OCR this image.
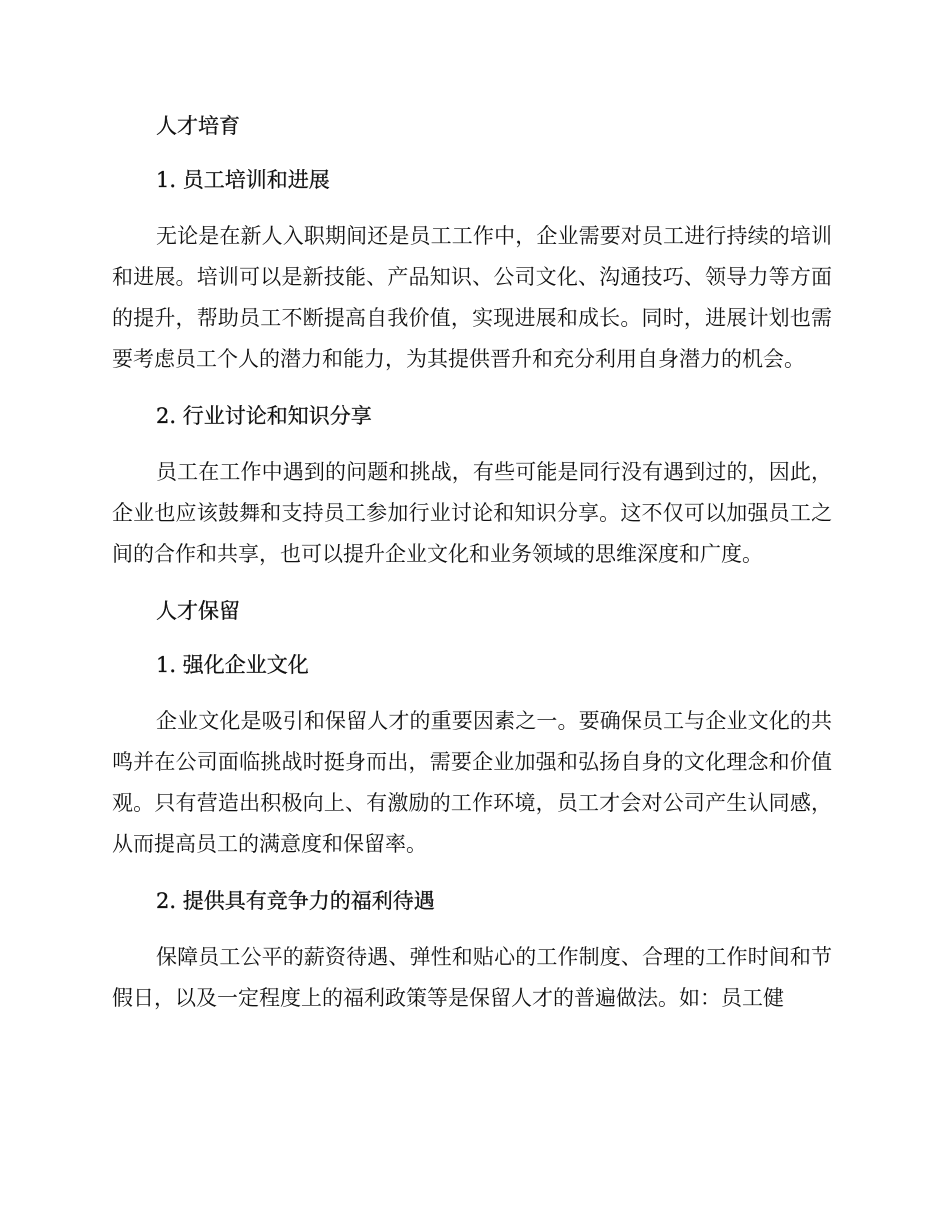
人才培育
1. 员工培训和进展
无论是在新人入职期间还是员工工作中，企业需要对员工进行持续的培训和进展。培训可以是新技能、产品知识、公司文化、沟通技巧、领导力等方面的提升，帮助员工不断提高自我价值，实现进展和成长。同时，进展计划也需要考虑员工个人的潜力和能力，为其提供晋升和充分利用自身潜力的机会。
2. 行业讨论和知识分享
员工在工作中遇到的问题和挑战，有些可能是同行没有遇到过的，因此，企业也应该鼓舞和支持员工参加行业讨论和知识分享。这不仅可以加强员工之间的合作和共享，也可以提升企业文化和业务领域的思维深度和广度。
人才保留
1. 强化企业文化
企业文化是吸引和保留人才的重要因素之一。要确保员工与企业文化的共鸣并在公司面临挑战时挺身而出，需要企业加强和弘扬自身的文化理念和价值观。只有营造出积极向上、有激励的工作环境，员工才会对公司产生认同感，从而提高员工的满意度和保留率。
2. 提供具有竞争力的福利待遇
保障员工公平的薪资待遇、弹性和贴心的工作制度、合理的工作时间和节假日，以及一定程度上的福利政策等是保留人才的普遍做法。如：员工健
